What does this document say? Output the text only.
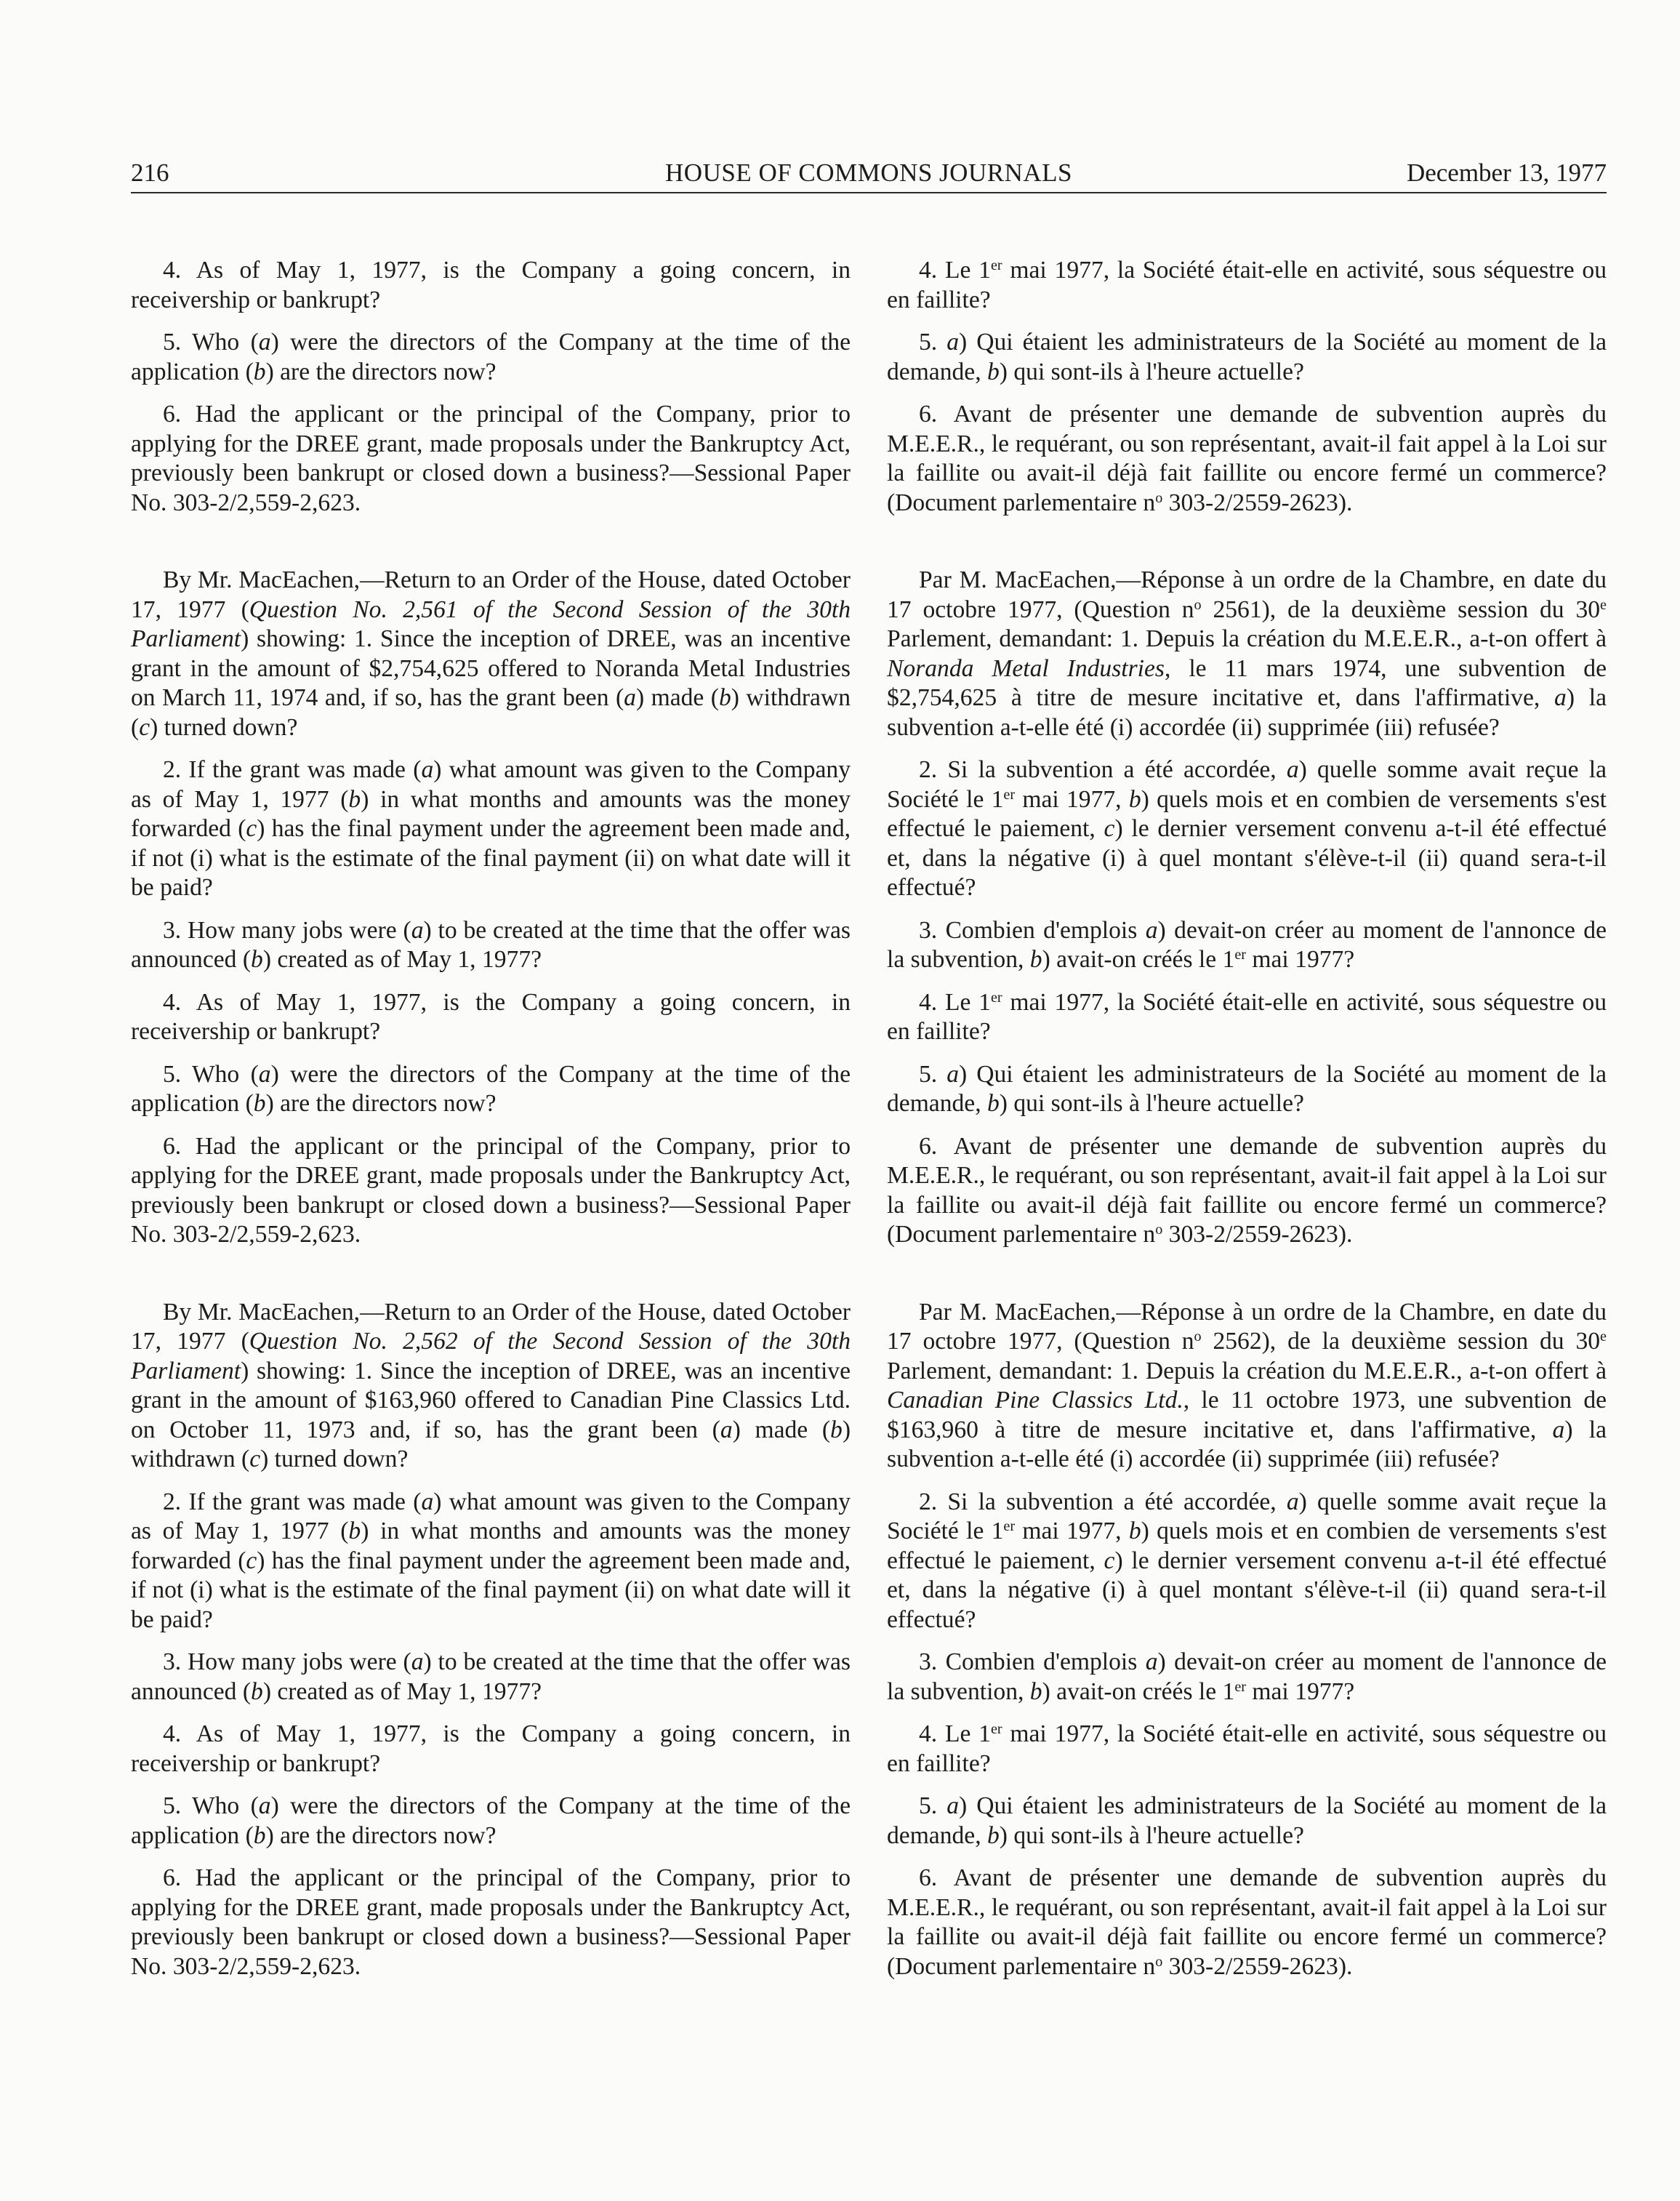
216	HOUSE OF COMMONS JOURNALS	December 13, 1977

4. As of May 1, 1977, is the Company a going concern, in receivership or bankrupt?

5. Who (a) were the directors of the Company at the time of the application (b) are the directors now?

6. Had the applicant or the principal of the Company, prior to applying for the DREE grant, made proposals under the Bankruptcy Act, previously been bankrupt or closed down a business?—Sessional Paper No. 303-2/2,559-2,623.

By Mr. MacEachen,—Return to an Order of the House, dated October 17, 1977 (Question No. 2,561 of the Second Session of the 30th Parliament) showing: 1. Since the inception of DREE, was an incentive grant in the amount of $2,754,625 offered to Noranda Metal Industries on March 11, 1974 and, if so, has the grant been (a) made (b) withdrawn (c) turned down?

2. If the grant was made (a) what amount was given to the Company as of May 1, 1977 (b) in what months and amounts was the money forwarded (c) has the final payment under the agreement been made and, if not (i) what is the estimate of the final payment (ii) on what date will it be paid?

3. How many jobs were (a) to be created at the time that the offer was announced (b) created as of May 1, 1977?

4. As of May 1, 1977, is the Company a going concern, in receivership or bankrupt?

5. Who (a) were the directors of the Company at the time of the application (b) are the directors now?

6. Had the applicant or the principal of the Company, prior to applying for the DREE grant, made proposals under the Bankruptcy Act, previously been bankrupt or closed down a business?—Sessional Paper No. 303-2/2,559-2,623.

By Mr. MacEachen,—Return to an Order of the House, dated October 17, 1977 (Question No. 2,562 of the Second Session of the 30th Parliament) showing: 1. Since the inception of DREE, was an incentive grant in the amount of $163,960 offered to Canadian Pine Classics Ltd. on October 11, 1973 and, if so, has the grant been (a) made (b) withdrawn (c) turned down?

2. If the grant was made (a) what amount was given to the Company as of May 1, 1977 (b) in what months and amounts was the money forwarded (c) has the final payment under the agreement been made and, if not (i) what is the estimate of the final payment (ii) on what date will it be paid?

3. How many jobs were (a) to be created at the time that the offer was announced (b) created as of May 1, 1977?

4. As of May 1, 1977, is the Company a going concern, in receivership or bankrupt?

5. Who (a) were the directors of the Company at the time of the application (b) are the directors now?

6. Had the applicant or the principal of the Company, prior to applying for the DREE grant, made proposals under the Bankruptcy Act, previously been bankrupt or closed down a business?—Sessional Paper No. 303-2/2,559-2,623.

4. Le 1er mai 1977, la Société était-elle en activité, sous séquestre ou en faillite?

5. a) Qui étaient les administrateurs de la Société au moment de la demande, b) qui sont-ils à l'heure actuelle?

6. Avant de présenter une demande de subvention auprès du M.E.E.R., le requérant, ou son représentant, avait-il fait appel à la Loi sur la faillite ou avait-il déjà fait faillite ou encore fermé un commerce? (Document parlementaire $n^o$ 303-2/2559-2623).

Par M. MacEachen,—Réponse à un ordre de la Chambre, en date du 17 octobre 1977, (Question $n^o$ 2561), de la deuxième session du 30e Parlement, demandant: 1. Depuis la création du M.E.E.R., a-t-on offert à Noranda Metal Industries, le 11 mars 1974, une subvention de $2,754,625 à titre de mesure incitative et, dans l'affirmative, a) la subvention a-t-elle été (i) accordée (ii) supprimée (iii) refusée?

2. Si la subvention a été accordée, a) quelle somme avait reçue la Société le 1er mai 1977, b) quels mois et en combien de versements s'est effectué le paiement, c) le dernier versement convenu a-t-il été effectué et, dans la négative (i) à quel montant s'élève-t-il (ii) quand sera-t-il effectué?

3. Combien d'emplois a) devait-on créer au moment de l'annonce de la subvention, b) avait-on créés le 1er mai 1977?

4. Le 1er mai 1977, la Société était-elle en activité, sous séquestre ou en faillite?

5. a) Qui étaient les administrateurs de la Société au moment de la demande, b) qui sont-ils à l'heure actuelle?

6. Avant de présenter une demande de subvention auprès du M.E.E.R., le requérant, ou son représentant, avait-il fait appel à la Loi sur la faillite ou avait-il déjà fait faillite ou encore fermé un commerce? (Document parlementaire $n^o$ 303-2/2559-2623).

Par M. MacEachen,—Réponse à un ordre de la Chambre, en date du 17 octobre 1977, (Question $n^o$ 2562), de la deuxième session du 30e Parlement, demandant: 1. Depuis la création du M.E.E.R., a-t-on offert à Canadian Pine Classics Ltd., le 11 octobre 1973, une subvention de $163,960 à titre de mesure incitative et, dans l'affirmative, a) la subvention a-t-elle été (i) accordée (ii) supprimée (iii) refusée?

2. Si la subvention a été accordée, a) quelle somme avait reçue la Société le 1er mai 1977, b) quels mois et en combien de versements s'est effectué le paiement, c) le dernier versement convenu a-t-il été effectué et, dans la négative (i) à quel montant s'élève-t-il (ii) quand sera-t-il effectué?

3. Combien d'emplois a) devait-on créer au moment de l'annonce de la subvention, b) avait-on créés le 1er mai 1977?

4. Le 1er mai 1977, la Société était-elle en activité, sous séquestre ou en faillite?

5. a) Qui étaient les administrateurs de la Société au moment de la demande, b) qui sont-ils à l'heure actuelle?

6. Avant de présenter une demande de subvention auprès du M.E.E.R., le requérant, ou son représentant, avait-il fait appel à la Loi sur la faillite ou avait-il déjà fait faillite ou encore fermé un commerce? (Document parlementaire $n^o$ 303-2/2559-2623).
